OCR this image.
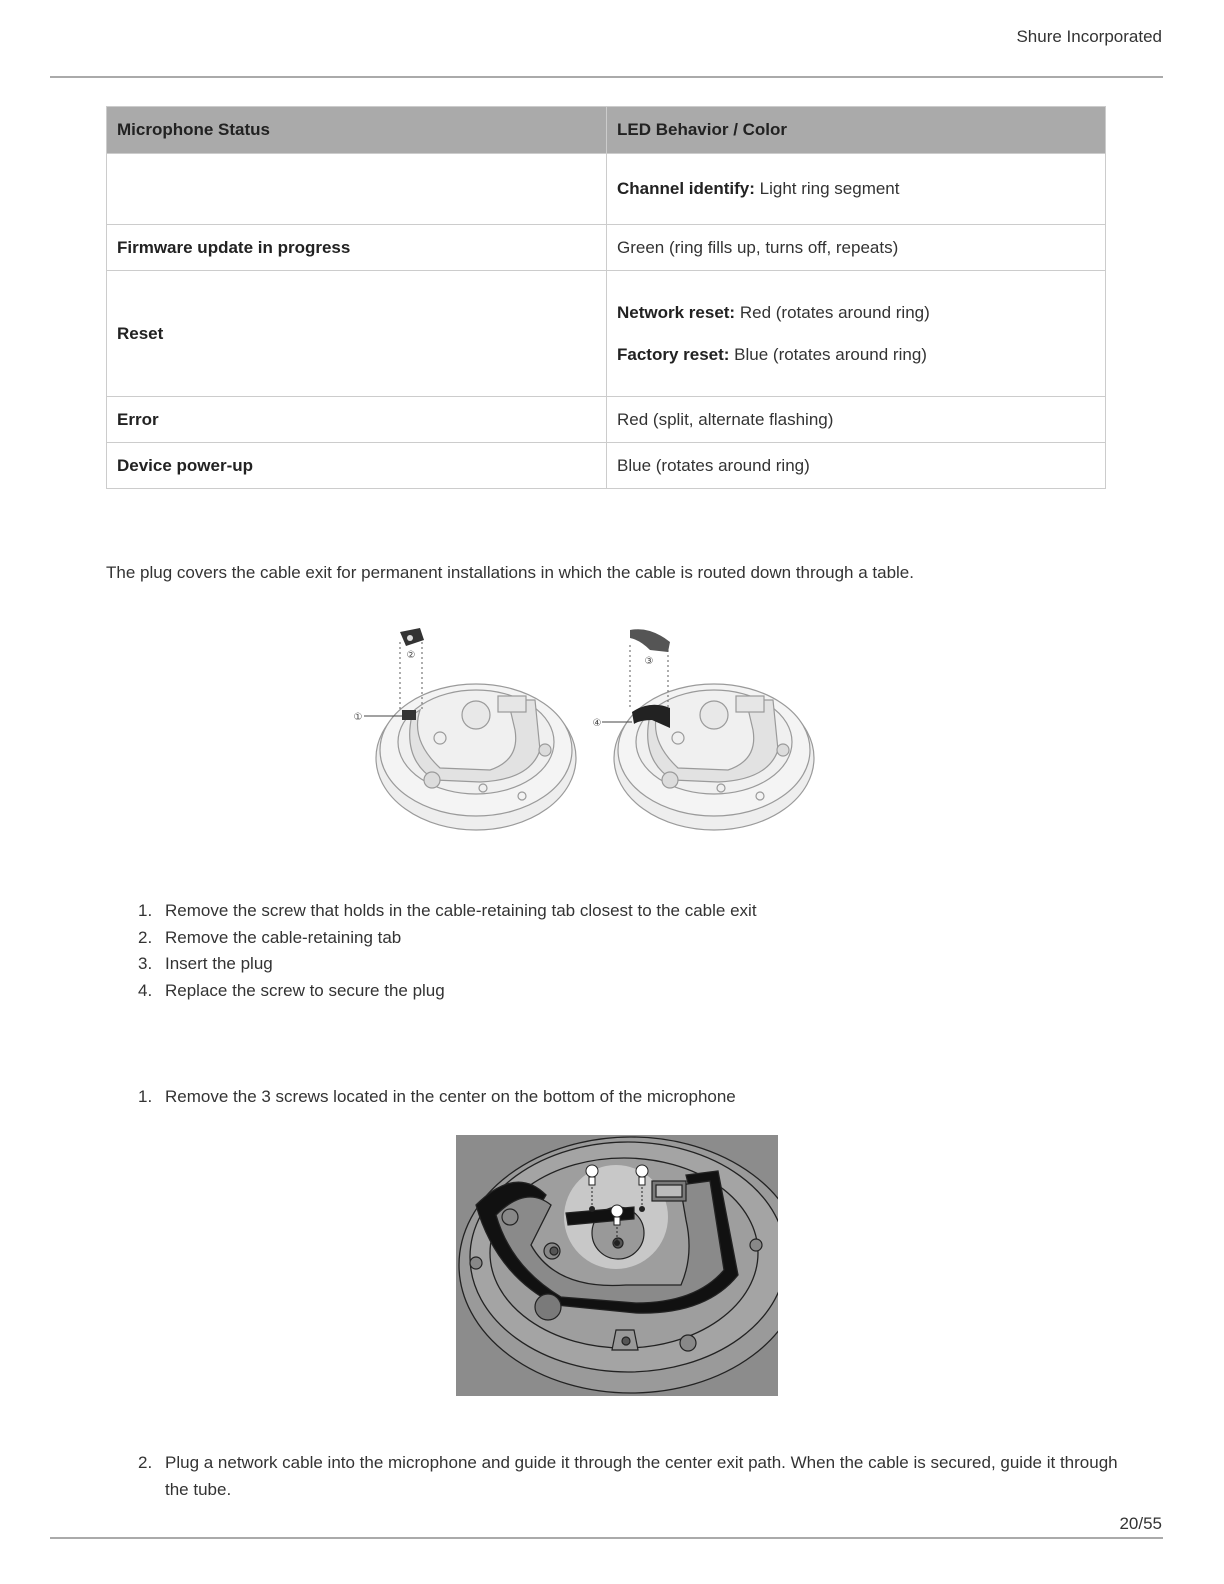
Shure Incorporated
Microphone Status	LED Behavior / Color

	Channel identify: Light ring segment

Firmware update in progress	Green (ring fills up, turns off, repeats)

Reset	Network reset: Red (rotates around ring)

Factory reset: Blue (rotates around ring)

Error	Red (split, alternate flashing)

Device power-up	Blue (rotates around ring)

The plug covers the cable exit for permanent installations in which the cable is routed down through a table.

①
②
③
④
1. Remove the screw that holds in the cable-retaining tab closest to the cable exit
2. Remove the cable-retaining tab
3. Insert the plug
4. Replace the screw to secure the plug
1. Remove the 3 screws located in the center on the bottom of the microphone
2. Plug a network cable into the microphone and guide it through the center exit path. When the cable is secured, guide it through the tube.
20/55
